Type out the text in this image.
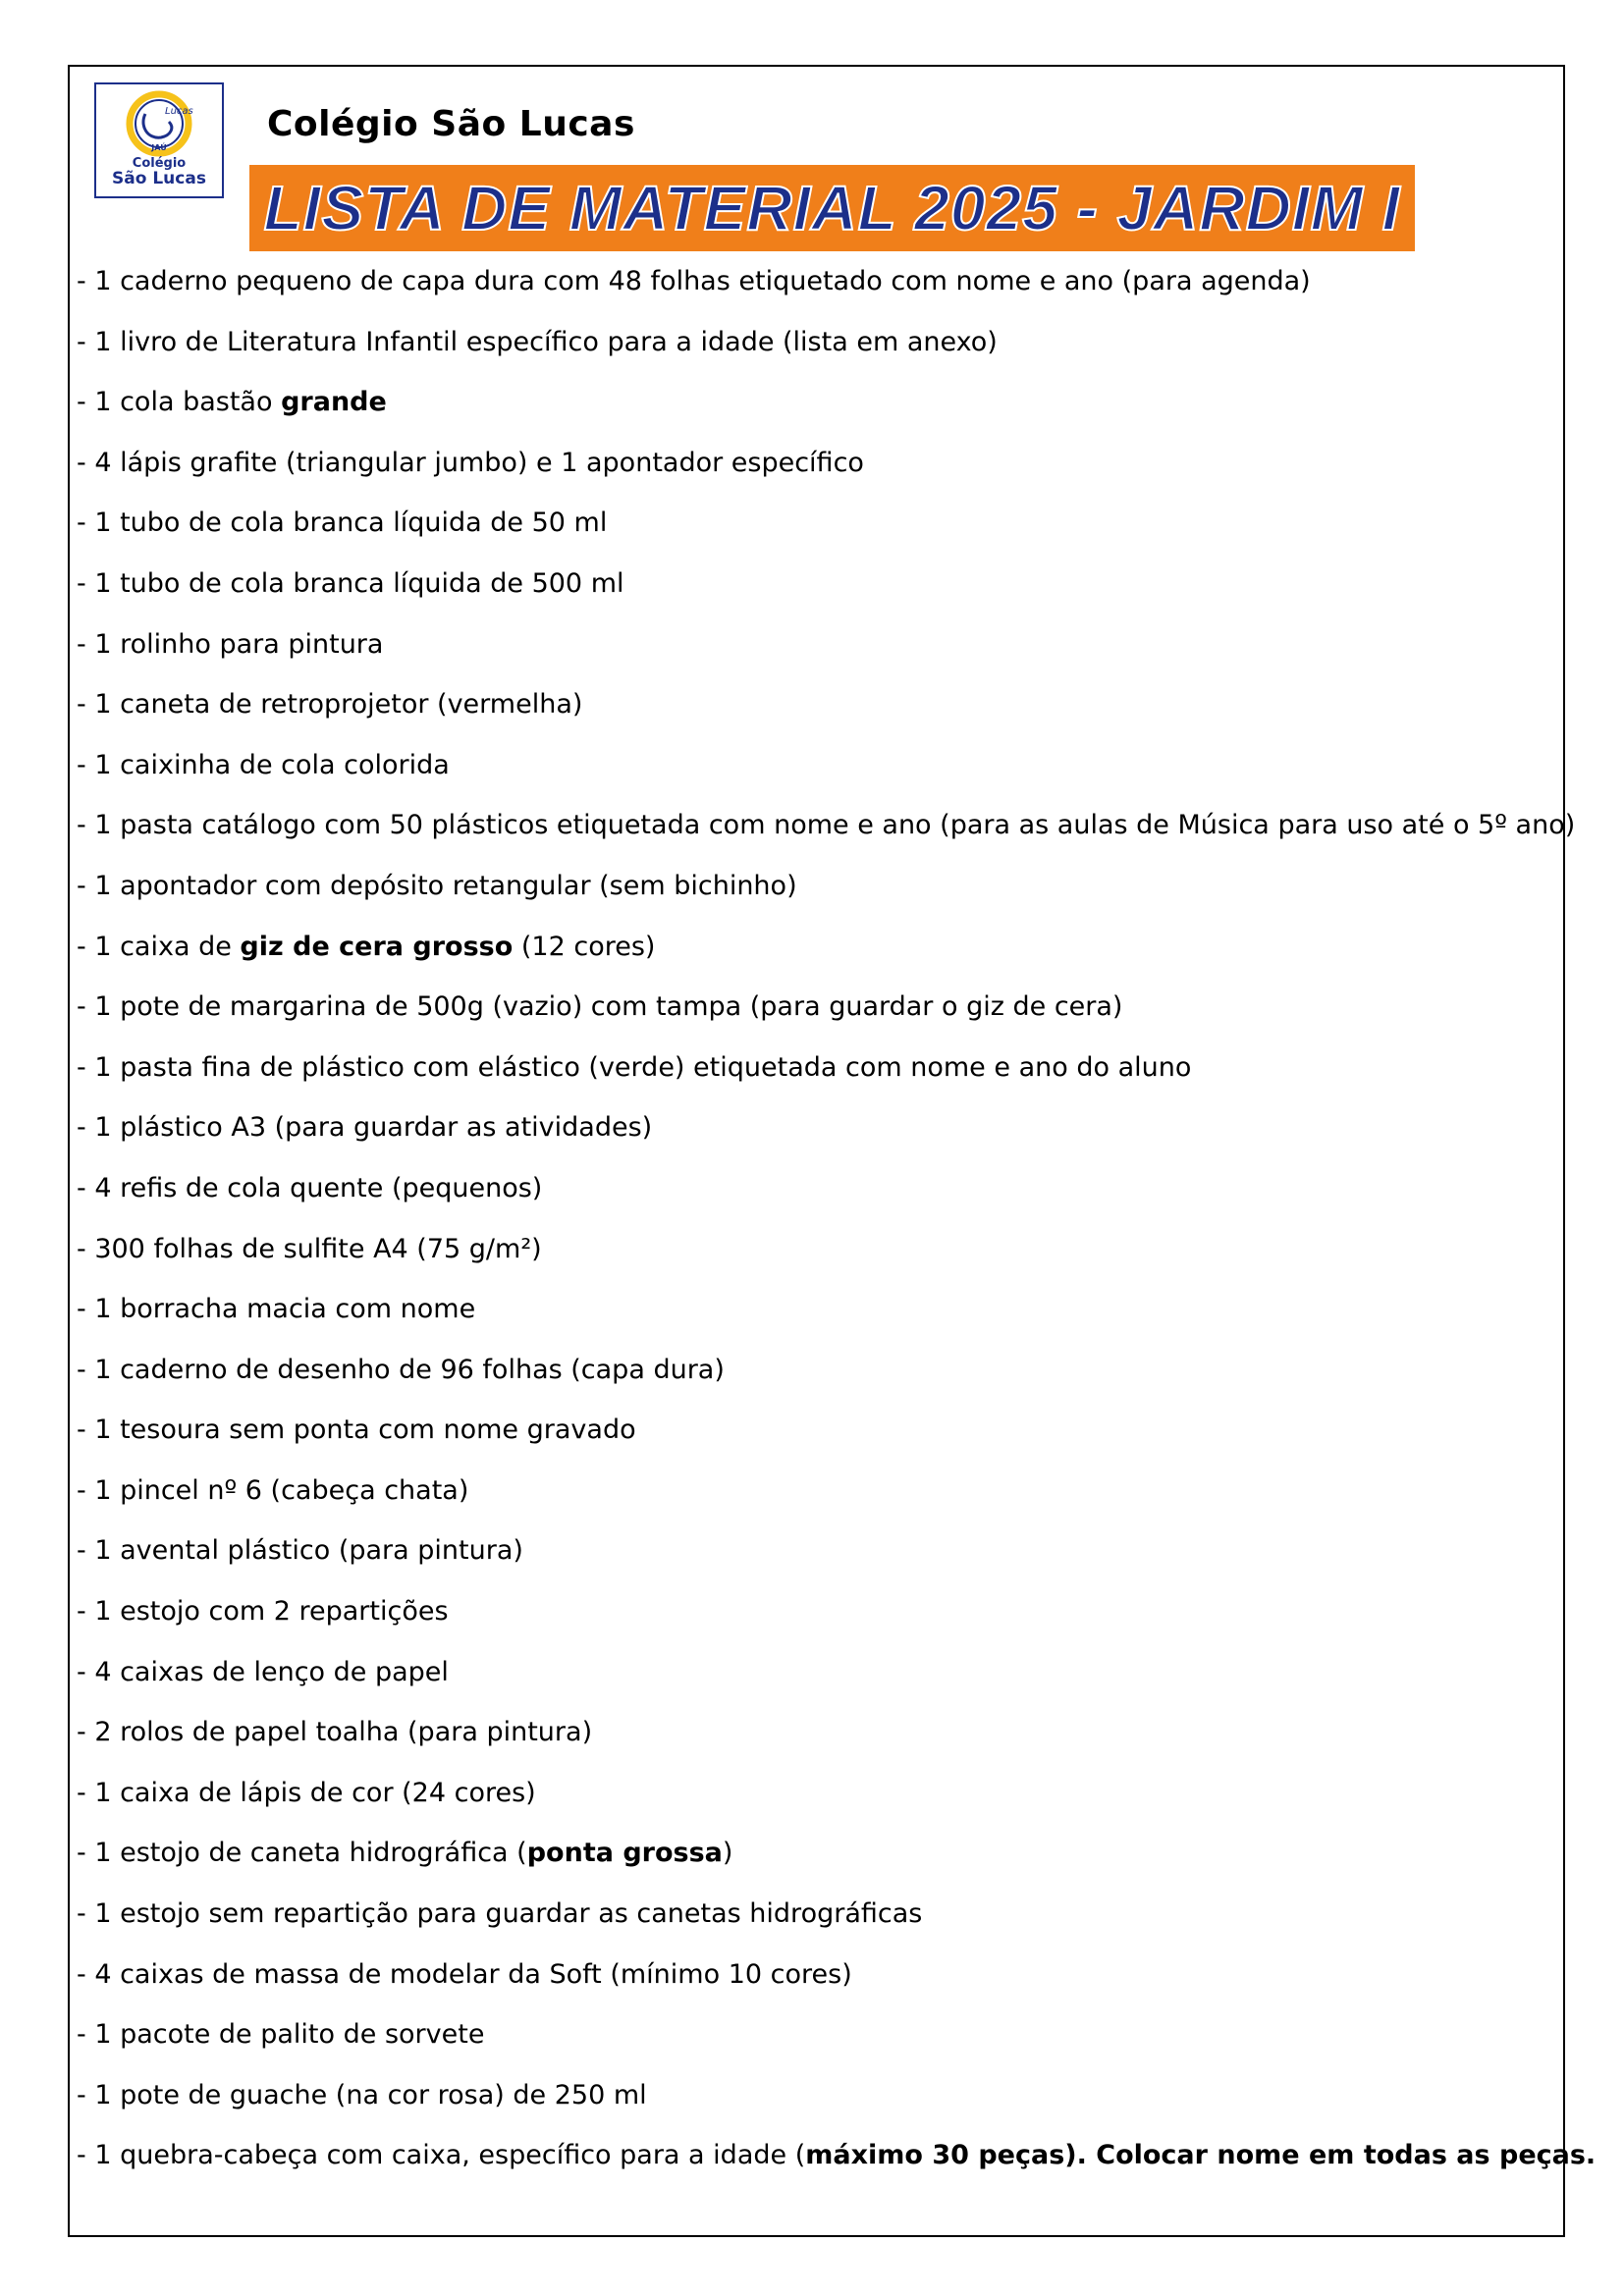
Lucas
JAÚ
Colégio
São Lucas
Colégio São Lucas
LISTA DE MATERIAL 2025 - JARDIM I
- 1 caderno pequeno de capa dura com 48 folhas etiquetado com nome e ano (para agenda)
- 1 livro de Literatura Infantil específico para a idade (lista em anexo)
- 1 cola bastão grande
- 4 lápis grafite (triangular jumbo) e 1 apontador específico
- 1 tubo de cola branca líquida de 50 ml
- 1 tubo de cola branca líquida de 500 ml
- 1 rolinho para pintura
- 1 caneta de retroprojetor (vermelha)
- 1 caixinha de cola colorida
- 1 pasta catálogo com 50 plásticos etiquetada com nome e ano (para as aulas de Música para uso até o 5º ano)
- 1 apontador com depósito retangular (sem bichinho)
- 1 caixa de giz de cera grosso (12 cores)
- 1 pote de margarina de 500g (vazio) com tampa (para guardar o giz de cera)
- 1 pasta fina de plástico com elástico (verde) etiquetada com nome e ano do aluno
- 1 plástico A3 (para guardar as atividades)
- 4 refis de cola quente (pequenos)
- 300 folhas de sulfite A4 (75 g/m²)
- 1 borracha macia com nome
- 1 caderno de desenho de 96 folhas (capa dura)
- 1 tesoura sem ponta com nome gravado
- 1 pincel nº 6 (cabeça chata)
- 1 avental plástico (para pintura)
- 1 estojo com 2 repartições
- 4 caixas de lenço de papel
- 2 rolos de papel toalha (para pintura)
- 1 caixa de lápis de cor (24 cores)
- 1 estojo de caneta hidrográfica (ponta grossa)
- 1 estojo sem repartição para guardar as canetas hidrográficas
- 4 caixas de massa de modelar da Soft (mínimo 10 cores)
- 1 pacote de palito de sorvete
- 1 pote de guache (na cor rosa) de 250 ml
- 1 quebra-cabeça com caixa, específico para a idade (máximo 30 peças). Colocar nome em todas as peças.
